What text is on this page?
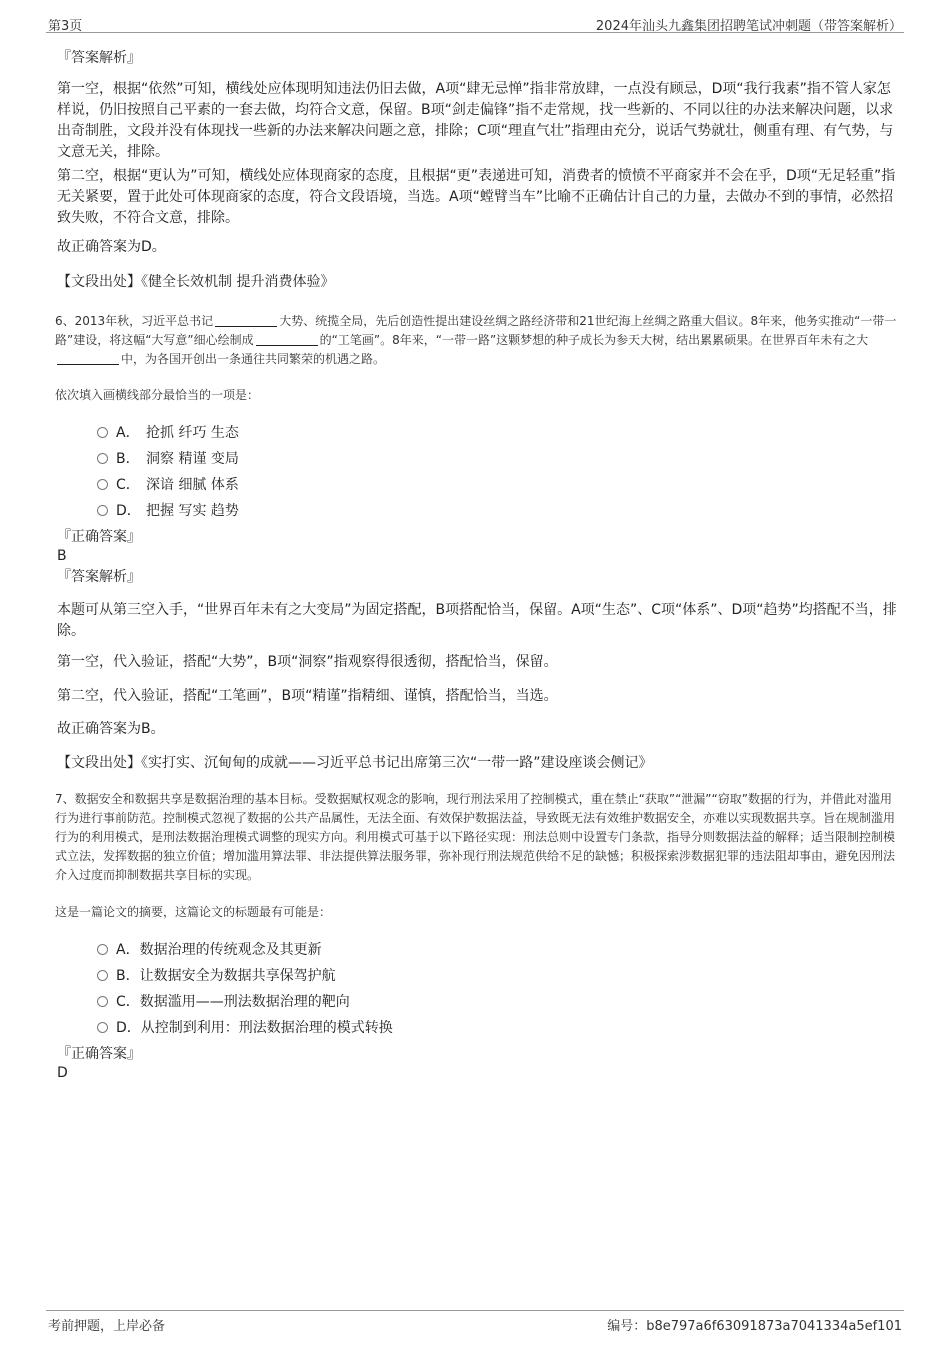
第3页	2024年汕头九鑫集团招聘笔试冲刺题（带答案解析）
『答案解析』

第一空，根据“依然”可知，横线处应体现明知违法仍旧去做，A项“肆无忌惮”指非常放肆，一点没有顾忌，D项“我行我素”指不管人家怎样说，仍旧按照自己平素的一套去做，均符合文意，保留。B项“剑走偏锋”指不走常规，找一些新的、不同以往的办法来解决问题，以求出奇制胜，文段并没有体现找一些新的办法来解决问题之意，排除；C项“理直气壮”指理由充分，说话气势就壮，侧重有理、有气势，与文意无关，排除。

第二空，根据“更认为”可知，横线处应体现商家的态度，且根据“更”表递进可知，消费者的愤愤不平商家并不会在乎，D项“无足轻重”指无关紧要，置于此处可体现商家的态度，符合文段语境，当选。A项“螳臂当车”比喻不正确估计自己的力量，去做办不到的事情，必然招致失败，不符合文意，排除。

故正确答案为D。
【文段出处】《健全长效机制 提升消费体验》

6、2013年秋，习近平总书记	大势、统揽全局，先后创造性提出建设丝绸之路经济带和21世纪海上丝绸之路重大倡议。8年来，他务实推动“一带一路”建设，将这幅“大写意”细心绘制成	的“工笔画”。8年来，“一带一路”这颗梦想的种子成长为参天大树，结出累累硕果。在世界百年未有之大中，为各国开创出一条通往共同繁荣的机遇之路。

依次填入画横线部分最恰当的一项是：
A． 抢抓 纤巧 生态
B． 洞察 精谨 变局
C． 深谙 细腻 体系
D． 把握 写实 趋势
『正确答案』
B
『答案解析』

本题可从第三空入手，“世界百年未有之大变局”为固定搭配，B项搭配恰当，保留。A项“生态”、C项“体系”、D项“趋势”均搭配不当，排除。

第一空，代入验证，搭配“大势”，B项“洞察”指观察得很透彻，搭配恰当，保留。

第二空，代入验证，搭配“工笔画”，B项“精谨”指精细、谨慎，搭配恰当，当选。

故正确答案为B。
【文段出处】《实打实、沉甸甸的成就——习近平总书记出席第三次“一带一路”建设座谈会侧记》

7、数据安全和数据共享是数据治理的基本目标。受数据赋权观念的影响，现行刑法采用了控制模式，重在禁止“获取”“泄漏”“窃取”数据的行为，并借此对滥用行为进行事前防范。控制模式忽视了数据的公共产品属性，无法全面、有效保护数据法益，导致既无法有效维护数据安全，亦难以实现数据共享。旨在规制滥用行为的利用模式，是刑法数据治理模式调整的现实方向。利用模式可基于以下路径实现：刑法总则中设置专门条款，指导分则数据法益的解释；适当限制控制模式立法，发挥数据的独立价值；增加滥用算法罪、非法提供算法服务罪，弥补现行刑法规范供给不足的缺憾；积极探索涉数据犯罪的违法阻却事由，避免因刑法介入过度而抑制数据共享目标的实现。

这是一篇论文的摘要，这篇论文的标题最有可能是：
A．数据治理的传统观念及其更新
B．让数据安全为数据共享保驾护航
C．数据滥用——刑法数据治理的靶向
D．从控制到利用：刑法数据治理的模式转换
『正确答案』
D
考前押题，上岸必备	编号：b8e797a6f63091873a7041334a5ef101
